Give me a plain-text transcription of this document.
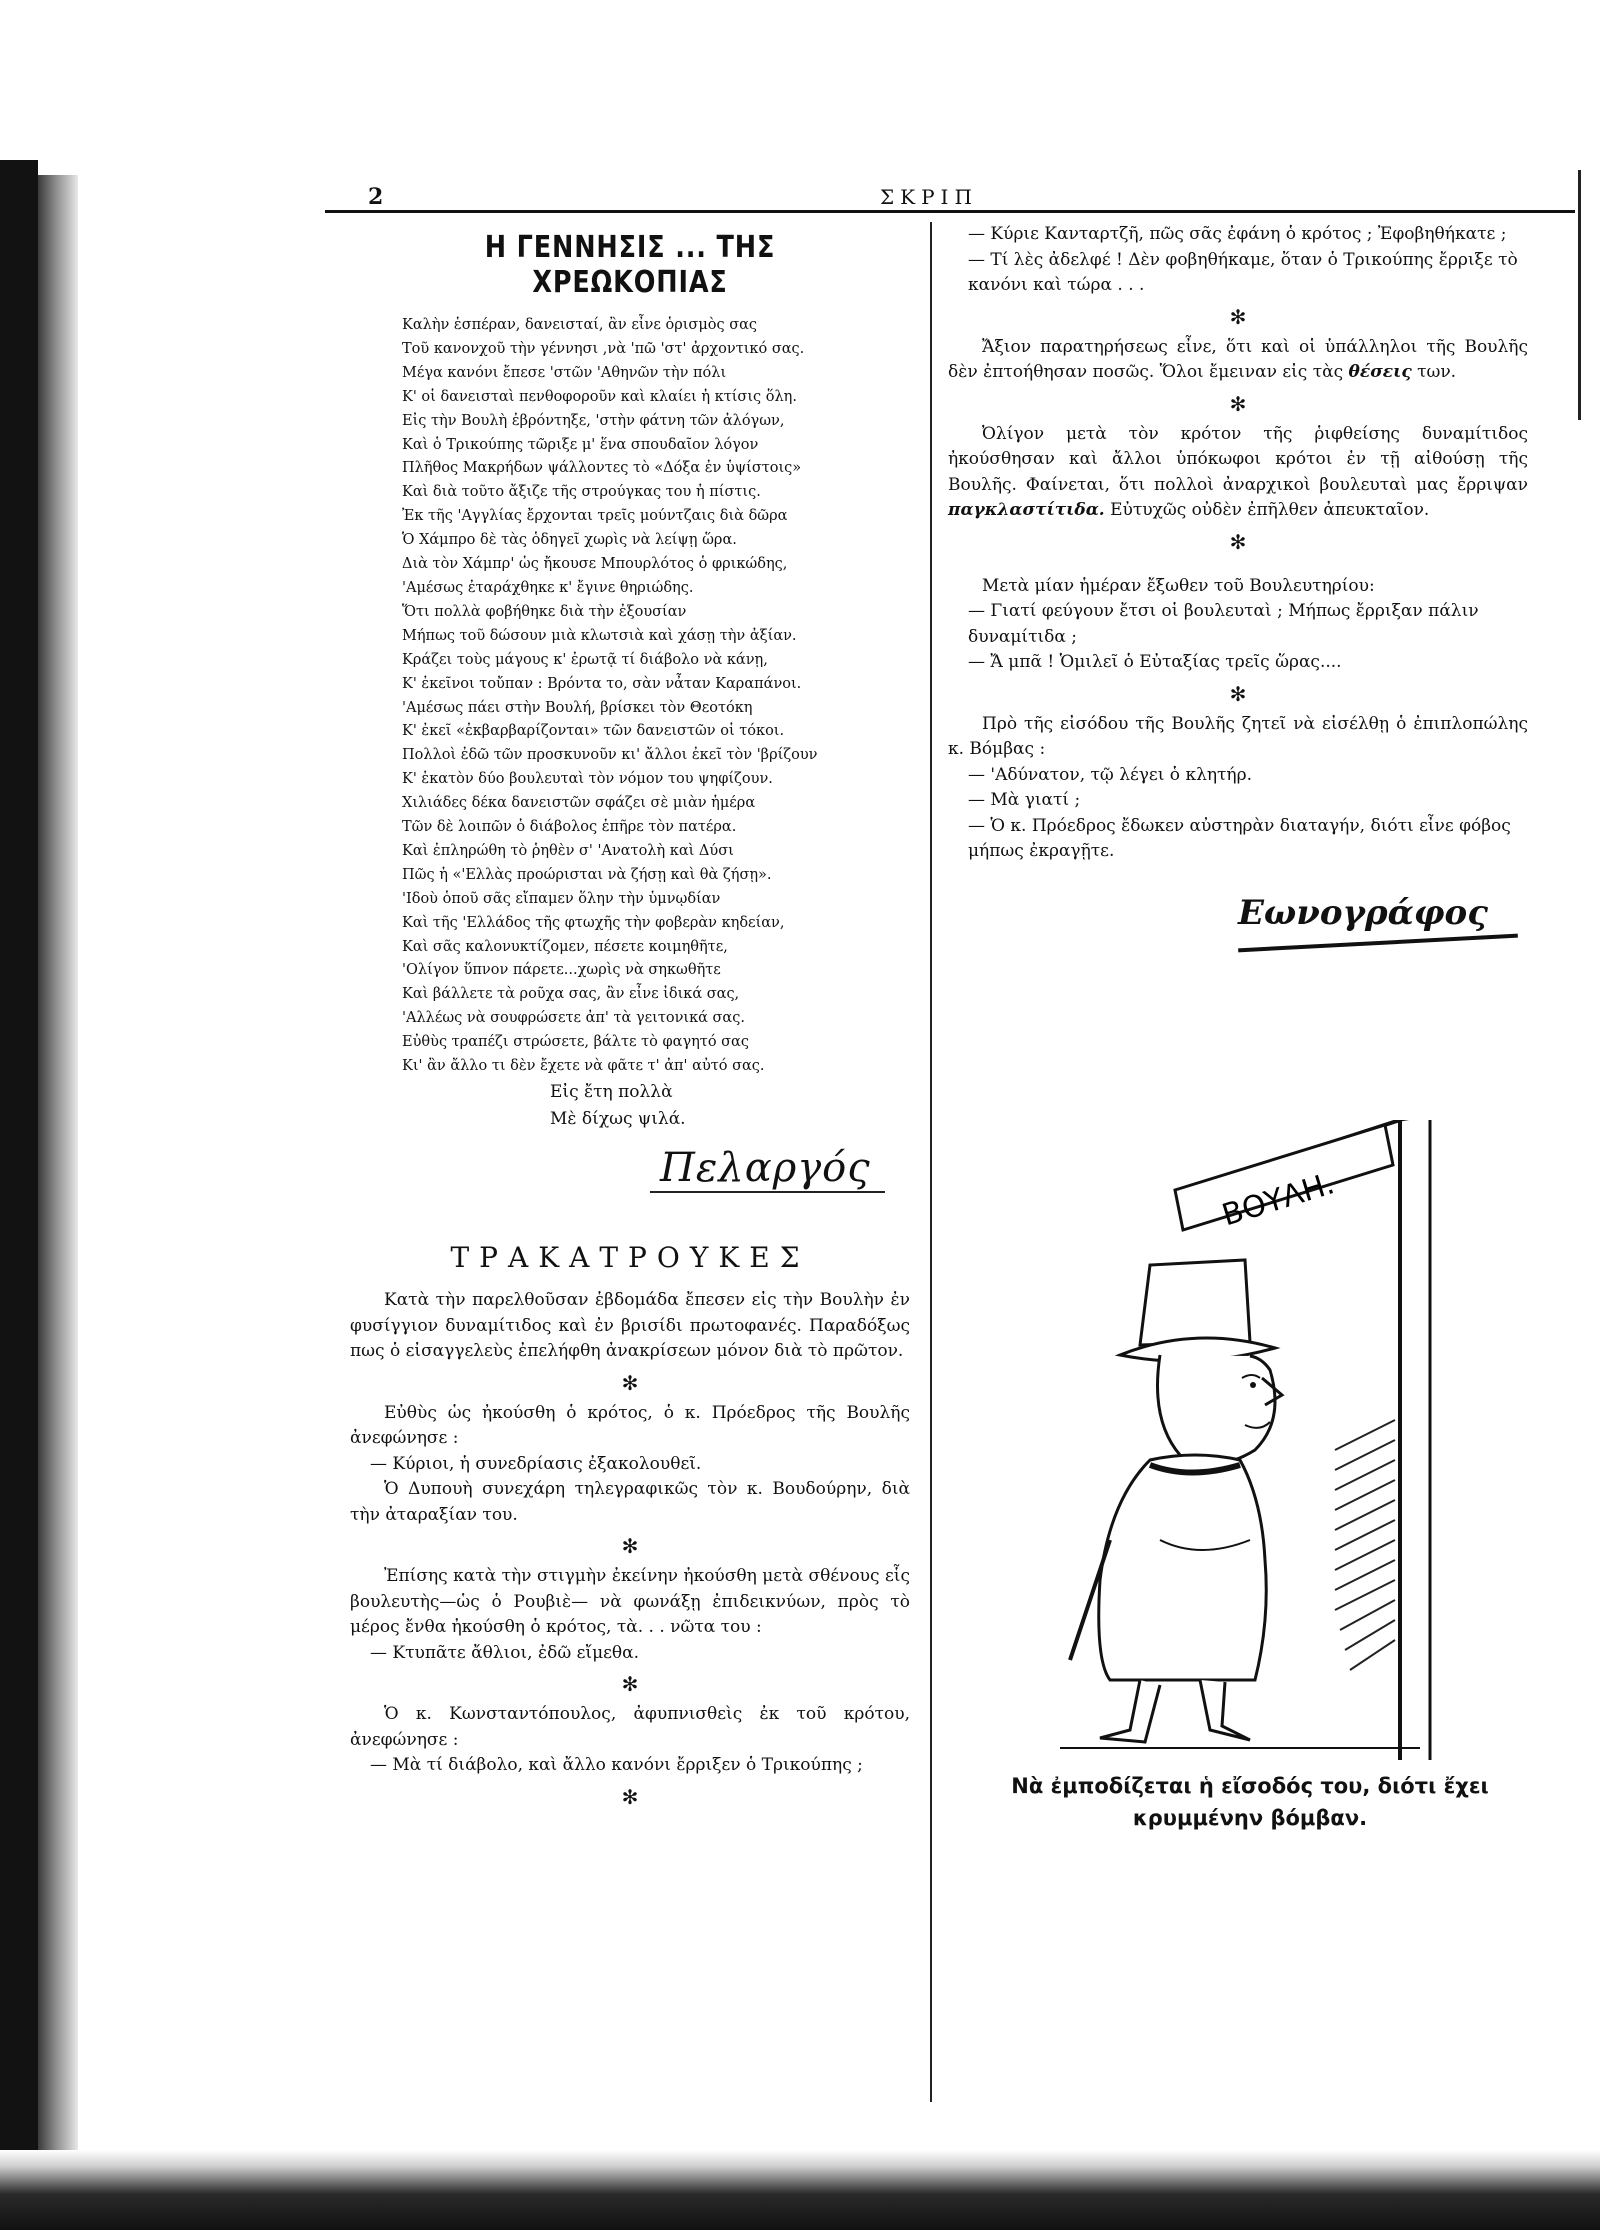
2	ΣΚΡΙΠ
Η ΓΕΝΝΗΣΙΣ ... ΤΗΣ ΧΡΕΩΚΟΠΙΑΣ
Καλὴν ἑσπέραν, δανεισταί, ἂν εἶνε ὁρισμὸς σας
Τοῦ κανονχοῦ τὴν γέννησι ,νὰ 'πῶ 'στ' ἀρχοντικό σας.
Μέγα κανόνι ἔπεσε 'στῶν 'Αθηνῶν τὴν πόλι
Κ' οἱ δανεισταὶ πενθοφοροῦν καὶ κλαίει ἡ κτίσις ὅλη.
Εἰς τὴν Βουλὴ ἐβρόντηξε, 'στὴν φάτνη τῶν ἀλόγων,
Καὶ ὁ Τρικούπης τῶριξε μ' ἕνα σπουδαῖον λόγον
Πλῆθος Μακρήδων ψάλλοντες τὸ «Δόξα ἐν ὑψίστοις»
Καὶ διὰ τοῦτο ἄξιζε τῆς στρούγκας του ἡ πίστις.
Ἐκ τῆς 'Αγγλίας ἔρχονται τρεῖς μούντζαις διὰ δῶρα
Ὁ Χάμπρο δὲ τὰς ὁδηγεῖ χωρὶς νὰ λείψῃ ὥρα.
Διὰ τὸν Χάμπρ' ὡς ἤκουσε Μπουρλότος ὁ φρικώδης,
'Αμέσως ἐταράχθηκε κ' ἔγινε θηριώδης.
Ὅτι πολλὰ φοβήθηκε διὰ τὴν ἐξουσίαν
Μήπως τοῦ δώσουν μιὰ κλωτσιὰ καὶ χάσῃ τὴν ἀξίαν.
Κράζει τοὺς μάγους κ' ἐρωτᾷ τί διάβολο νὰ κάνῃ,
Κ' ἐκεῖνοι τοὔπαν : Βρόντα το, σὰν νἆταν Καραπάνοι.
'Αμέσως πάει στὴν Βουλή, βρίσκει τὸν Θεοτόκη
Κ' ἐκεῖ «ἐκβαρβαρίζονται» τῶν δανειστῶν οἱ τόκοι.
Πολλοὶ ἐδῶ τῶν προσκυνοῦν κι' ἄλλοι ἐκεῖ τὸν 'βρίζουν
Κ' ἑκατὸν δύο βουλευταὶ τὸν νόμον του ψηφίζουν.
Χιλιάδες δέκα δανειστῶν σφάζει σὲ μιὰν ἡμέρα
Τῶν δὲ λοιπῶν ὁ διάβολος ἐπῆρε τὸν πατέρα.
Καὶ ἐπληρώθη τὸ ῥηθὲν σ' 'Ανατολὴ καὶ Δύσι
Πῶς ἡ «'Ελλὰς προώρισται νὰ ζήσῃ καὶ θὰ ζήσῃ».
'Ιδοὺ ὁποῦ σᾶς εἴπαμεν ὅλην τὴν ὑμνῳδίαν
Καὶ τῆς 'Ελλάδος τῆς φτωχῆς τὴν φοβερὰν κηδείαν,
Καὶ σᾶς καλονυκτίζομεν, πέσετε κοιμηθῆτε,
'Ολίγον ὕπνον πάρετε...χωρὶς νὰ σηκωθῆτε
Καὶ βάλλετε τὰ ροῦχα σας, ἂν εἶνε ἰδικά σας,
'Αλλέως νὰ σουφρώσετε ἀπ' τὰ γειτονικά σας.
Εὐθὺς τραπέζι στρώσετε, βάλτε τὸ φαγητό σας
Κι' ἂν ἄλλο τι δὲν ἔχετε νὰ φᾶτε τ' ἀπ' αὐτό σας.
Εἰς ἔτη πολλὰ
Μὲ δίχως ψιλά.
Πελαργός
ΤΡΑΚΑΤΡΟΥΚΕΣ

Κατὰ τὴν παρελθοῦσαν ἑβδομάδα ἔπεσεν εἰς τὴν Βουλὴν ἐν φυσίγγιον δυναμίτιδος καὶ ἐν βρισίδι πρωτοφανές. Παραδόξως πως ὁ εἰσαγγελεὺς ἐπελήφθη ἀνακρίσεων μόνον διὰ τὸ πρῶτον.

✻

Εὐθὺς ὡς ἠκούσθη ὁ κρότος, ὁ κ. Πρόεδρος τῆς Βουλῆς ἀνεφώνησε :

— Κύριοι, ἡ συνεδρίασις ἐξακολουθεῖ.

Ὁ Δυπουὴ συνεχάρη τηλεγραφικῶς τὸν κ. Βουδούρην, διὰ τὴν ἀταραξίαν του.

✻

Ἐπίσης κατὰ τὴν στιγμὴν ἐκείνην ἠκούσθη μετὰ σθένους εἷς βουλευτὴς—ὡς ὁ Ρουβιὲ— νὰ φωνάξῃ ἐπιδεικνύων, πρὸς τὸ μέρος ἔνθα ἠκούσθη ὁ κρότος, τὰ. . . νῶτα του :

— Κτυπᾶτε ἄθλιοι, ἐδῶ εἴμεθα.

✻

Ὁ κ. Κωνσταντόπουλος, ἀφυπνισθεὶς ἐκ τοῦ κρότου, ἀνεφώνησε :

— Μὰ τί διάβολο, καὶ ἄλλο κανόνι ἔρριξεν ὁ Τρικούπης ;

✻

— Κύριε Κανταρτζῆ, πῶς σᾶς ἐφάνη ὁ κρότος ; Ἐφοβηθήκατε ;

— Τί λὲς ἀδελφέ ! Δὲν φοβηθήκαμε, ὅταν ὁ Τρικούπης ἔρριξε τὸ κανόνι καὶ τώρα . . .

✻

Ἄξιον παρατηρήσεως εἶνε, ὅτι καὶ οἱ ὑπάλληλοι τῆς Βουλῆς δὲν ἐπτοήθησαν ποσῶς. Ὅλοι ἔμειναν εἰς τὰς θέσεις των.

✻

Ὀλίγον μετὰ τὸν κρότον τῆς ῥιφθείσης δυναμίτιδος ἠκούσθησαν καὶ ἄλλοι ὑπόκωφοι κρότοι ἐν τῇ αἰθούσῃ τῆς Βουλῆς. Φαίνεται, ὅτι πολλοὶ ἀναρχικοὶ βουλευταὶ μας ἔρριψαν παγκλαστίτιδα. Εὐτυχῶς οὐδὲν ἐπῆλθεν ἀπευκταῖον.

✻

Μετὰ μίαν ἡμέραν ἔξωθεν τοῦ Βουλευτηρίου:

— Γιατί φεύγουν ἔτσι οἱ βουλευταὶ ; Μήπως ἔρριξαν πάλιν δυναμίτιδα ;

— Ἄ μπᾶ ! Ὁμιλεῖ ὁ Εὐταξίας τρεῖς ὥρας....

✻

Πρὸ τῆς εἰσόδου τῆς Βουλῆς ζητεῖ νὰ εἰσέλθῃ ὁ ἐπιπλοπώλης κ. Βόμβας :

— 'Αδύνατον, τῷ λέγει ὁ κλητήρ.

— Μὰ γιατί ;

— Ὁ κ. Πρόεδρος ἔδωκεν αὐστηρὰν διαταγήν, διότι εἶνε φόβος μήπως ἐκραγῇτε.

Εωνογράφος
ΒΟΥΛΗ.
Νὰ ἐμποδίζεται ἡ εἴσοδός του, διότι ἔχει
κρυμμένην βόμβαν.
